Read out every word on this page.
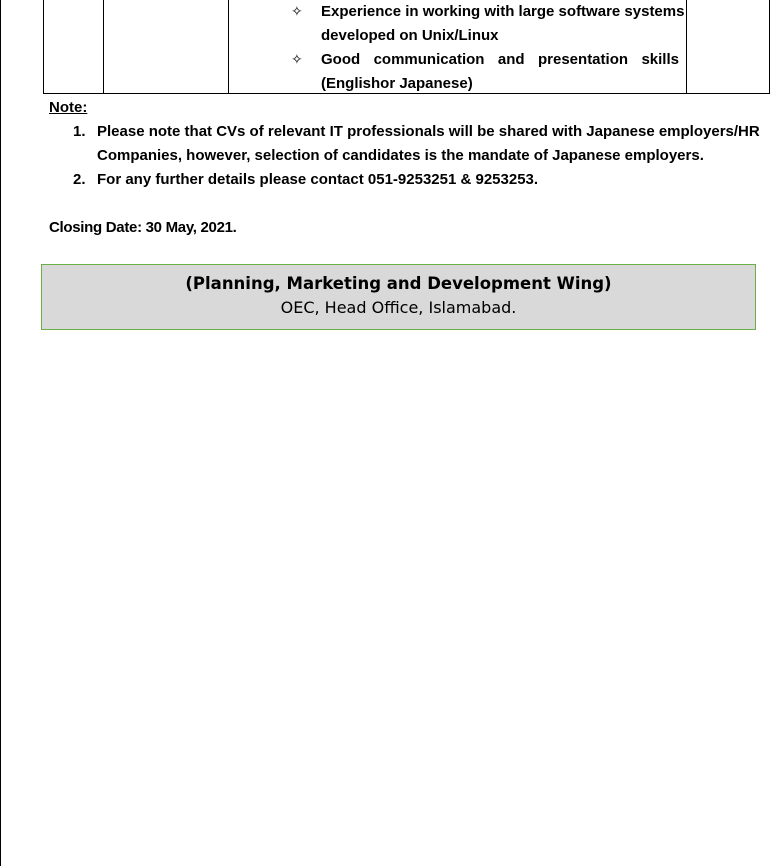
✧ Experience in working with large software systems
developed on Unix/Linux
✧ Good communication and presentation skills
(Englishor Japanese)
Note:
1. Please note that CVs of relevant IT professionals will be shared with Japanese employers/HR
Companies, however, selection of candidates is the mandate of Japanese employers.
2. For any further details please contact 051-9253251 & 9253253.
Closing Date: 30 May, 2021.
(Planning, Marketing and Development Wing)
OEC, Head Office, Islamabad.
